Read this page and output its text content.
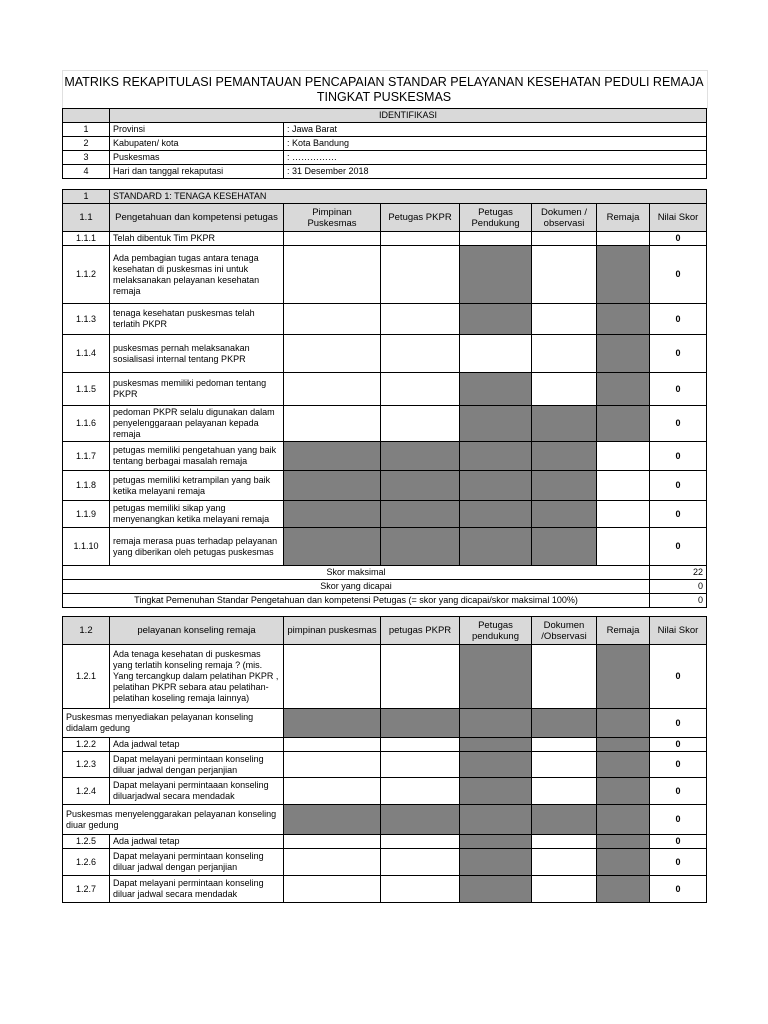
MATRIKS REKAPITULASI PEMANTAUAN PENCAPAIAN STANDAR PELAYANAN KESEHATAN PEDULI REMAJA
TINGKAT PUSKESMAS
	IDENTIFIKASI						
1	Provinsi	: Jawa Barat					
2	Kabupaten/ kota	: Kota Bandung					
3	Puskesmas	: ……………					
4	Hari dan tanggal rekaputasi	: 31 Desember 2018					

1	STANDARD 1: TENAGA KESEHATAN						
1.1	Pengetahuan dan kompetensi petugas	Pimpinan Puskesmas	Petugas PKPR	Petugas Pendukung	Dokumen / observasi	Remaja	Nilai Skor
1.1.1	Telah dibentuk Tim PKPR						0
1.1.2	Ada pembagian tugas antara tenaga kesehatan di puskesmas ini untuk melaksanakan pelayanan kesehatan remaja						0
1.1.3	tenaga kesehatan puskesmas telah terlatih PKPR						0
1.1.4	puskesmas pernah melaksanakan sosialisasi internal tentang PKPR						0
1.1.5	puskesmas memiliki pedoman tentang PKPR						0
1.1.6	pedoman PKPR selalu digunakan dalam penyelenggaraan pelayanan kepada remaja						0
1.1.7	petugas memiliki pengetahuan yang baik tentang berbagai masalah remaja						0
1.1.8	petugas memiliki ketrampilan yang baik ketika melayani remaja						0
1.1.9	petugas memiliki sikap yang menyenangkan ketika melayani remaja						0
1.1.10	remaja merasa puas terhadap pelayanan yang diberikan oleh petugas puskesmas						0
Skor maksimal							22
Skor yang dicapai							0
Tingkat Pemenuhan Standar Pengetahuan dan kompetensi Petugas (= skor yang dicapai/skor maksimal 100%)							0
1.2	pelayanan konseling remaja	pimpinan puskesmas	petugas PKPR	Petugas pendukung	Dokumen /Observasi	Remaja	Nilai Skor
1.2.1	Ada tenaga kesehatan di puskesmas yang terlatih konseling remaja ? (mis. Yang tercangkup dalam pelatihan PKPR , pelatihan PKPR sebara atau pelatihan-pelatihan koseling remaja lainnya)						0
Puskesmas menyediakan pelayanan konseling didalam gedung							0
1.2.2	Ada jadwal tetap						0
1.2.3	Dapat melayani permintaan konseling diluar jadwal dengan perjanjian						0
1.2.4	Dapat melayani permintaaan konseling diluarjadwal secara mendadak						0
Puskesmas menyelenggarakan pelayanan konseling diuar gedung							0
1.2.5	Ada jadwal tetap						0
1.2.6	Dapat melayani permintaan konseling diluar jadwal dengan perjanjian						0
1.2.7	Dapat melayani permintaan konseling diluar jadwal secara mendadak						0
